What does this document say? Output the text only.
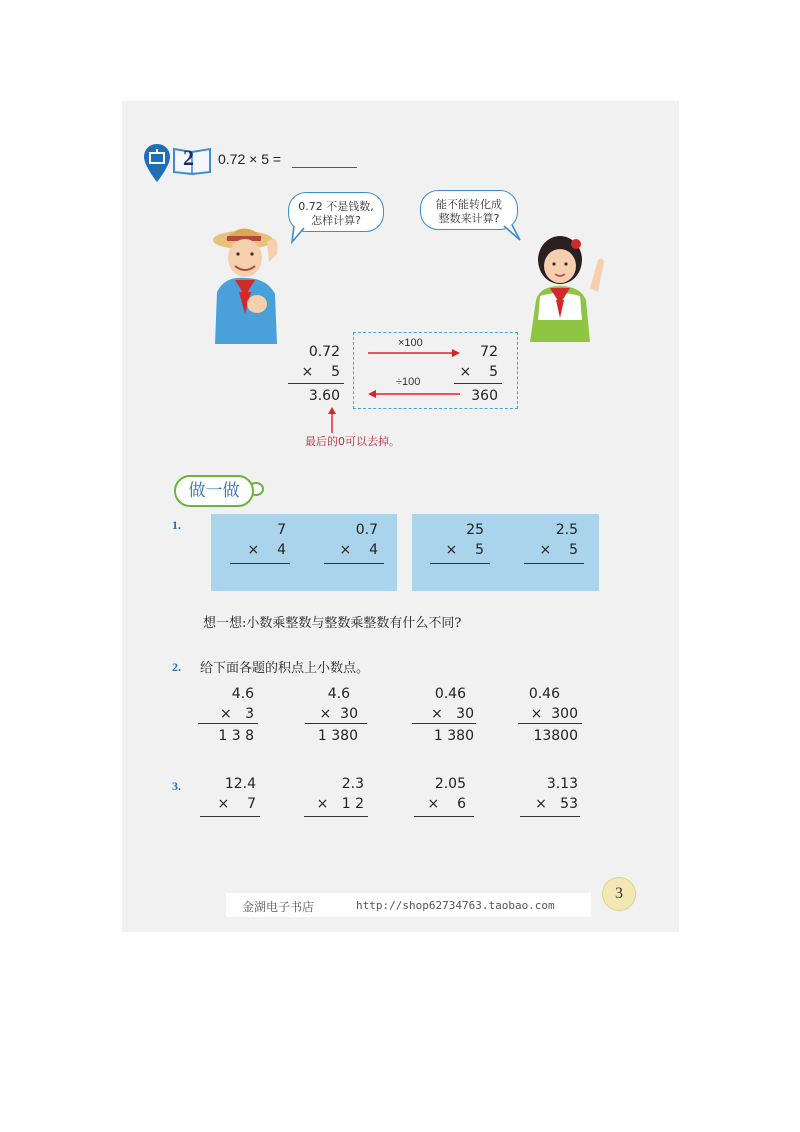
2 0.72 × 5 =
0.72 不是钱数,
怎样计算?
能不能转化成
整数来计算?
0.72
×    5
3.60
×100
÷100
72
×    5
360
最后的0可以去掉。
做一做
1.	7
×    4
0.7
×    4
25
×    5
2.5
×    5
想一想:小数乘整数与整数乘整数有什么不同?
2. 给下面各题的积点上小数点。
4.6
×   3
1 3 8
4.6
×  30
1 380
0.46
×   30
1 380
0.46
×  300
13800
3.	12.4
×    7
2.3
×   1 2
2.05
×    6
3.13
×   53
金湖电子书店	http://shop62734763.taobao.com
3
